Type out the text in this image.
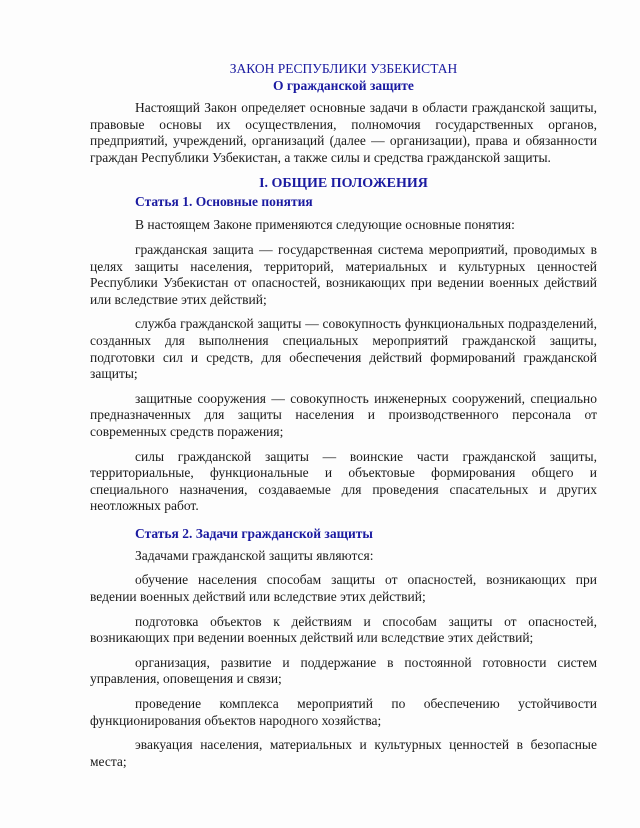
ЗАКОН РЕСПУБЛИКИ УЗБЕКИСТАН
О гражданской защите

Настоящий Закон определяет основные задачи в области гражданской защиты, правовые основы их осуществления, полномочия государственных органов, предприятий, учреждений, организаций (далее — организации), права и обязанности граждан Республики Узбекистан, а также силы и средства гражданской защиты.

I. ОБЩИЕ ПОЛОЖЕНИЯ
Статья 1. Основные понятия

В настоящем Законе применяются следующие основные понятия:

гражданская защита — государственная система мероприятий, проводимых в целях защиты населения, территорий, материальных и культурных ценностей Республики Узбекистан от опасностей, возникающих при ведении военных действий или вследствие этих действий;

служба гражданской защиты — совокупность функциональных подразделений, созданных для выполнения специальных мероприятий гражданской защиты, подготовки сил и средств, для обеспечения действий формирований гражданской защиты;

защитные сооружения — совокупность инженерных сооружений, специально предназначенных для защиты населения и производственного персонала от современных средств поражения;

силы гражданской защиты — воинские части гражданской защиты, территориальные, функциональные и объектовые формирования общего и специального назначения, создаваемые для проведения спасательных и других неотложных работ.

Статья 2. Задачи гражданской защиты

Задачами гражданской защиты являются:

обучение населения способам защиты от опасностей, возникающих при ведении военных действий или вследствие этих действий;

подготовка объектов к действиям и способам защиты от опасностей, возникающих при ведении военных действий или вследствие этих действий;

организация, развитие и поддержание в постоянной готовности систем управления, оповещения и связи;

проведение комплекса мероприятий по обеспечению устойчивости функционирования объектов народного хозяйства;

эвакуация населения, материальных и культурных ценностей в безопасные места;
